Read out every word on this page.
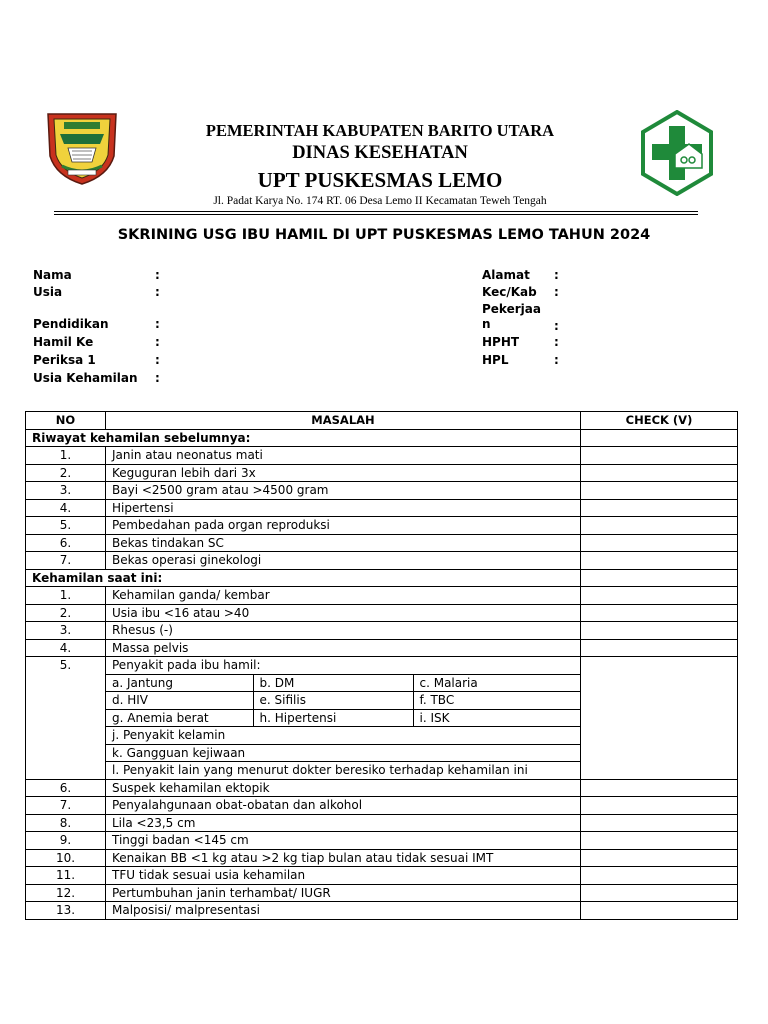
PEMERINTAH KABUPATEN BARITO UTARA
DINAS KESEHATAN
UPT PUSKESMAS LEMO
Jl. Padat Karya No. 174 RT. 06 Desa Lemo II Kecamatan Teweh Tengah
SKRINING USG IBU HAMIL DI UPT PUSKESMAS LEMO TAHUN 2024
Nama	:
Usia	:
Pendidikan	:
Hamil Ke	:
Periksa 1	:
Usia Kehamilan :
Alamat :
Kec/Kab :
Pekerjaa
n	:
HPHT	:
HPL	:
NO	MASALAH	CHECK (V)
Riwayat kehamilan sebelumnya:	
1.	Janin atau neonatus mati	
2.	Keguguran lebih dari 3x	
3.	Bayi <2500 gram atau >4500 gram	
4.	Hipertensi	
5.	Pembedahan pada organ reproduksi	
6.	Bekas tindakan SC	
7.	Bekas operasi ginekologi	
Kehamilan saat ini:	
1.	Kehamilan ganda/ kembar	
2.	Usia ibu <16 atau >40	
3.	Rhesus (-)	
4.	Massa pelvis	
5.	Penyakit pada ibu hamil:	

a. Jantung	b. DM	c. Malaria
d. HIV	e. Sifilis	f. TBC
g. Anemia berat	h. Hipertensi	i. ISK

j. Penyakit kelamin
k. Gangguan kejiwaan
l. Penyakit lain yang menurut dokter beresiko terhadap kehamilan ini
6.	Suspek kehamilan ektopik	
7.	Penyalahgunaan obat-obatan dan alkohol	
8.	Lila <23,5 cm	
9.	Tinggi badan <145 cm	
10.	Kenaikan BB <1 kg atau >2 kg tiap bulan atau tidak sesuai IMT	
11.	TFU tidak sesuai usia kehamilan	
12.	Pertumbuhan janin terhambat/ IUGR	
13.	Malposisi/ malpresentasi	
